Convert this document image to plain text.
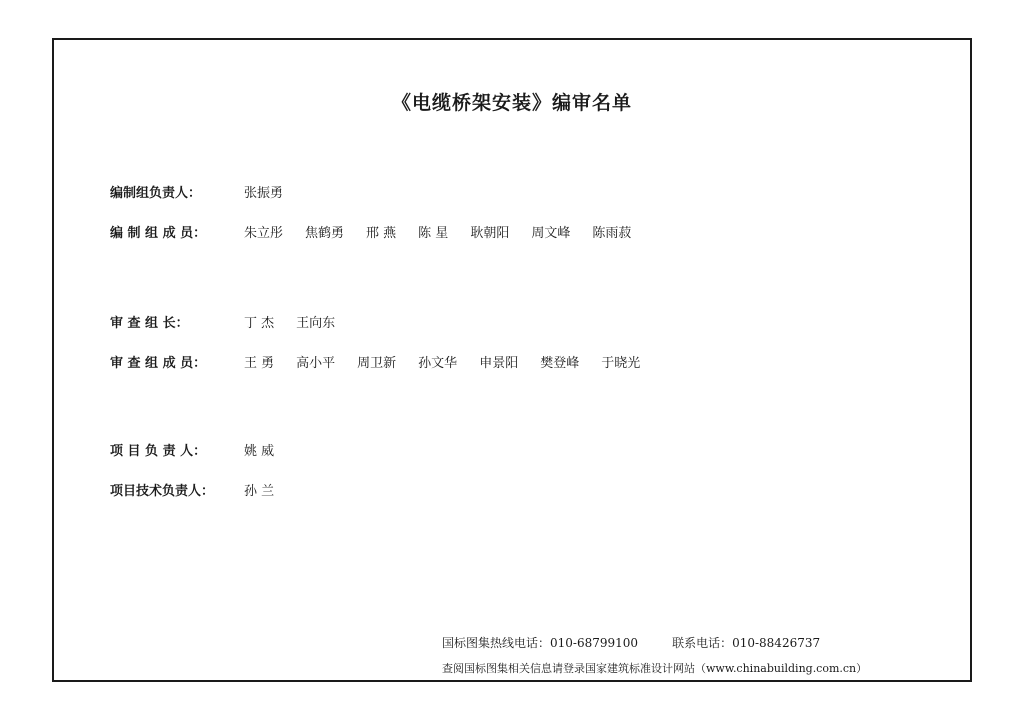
《电缆桥架安装》编审名单
编制组负责人：	张振勇
编 制 组 成 员：	朱立彤 焦鹤勇 邢 燕 陈 星 耿朝阳 周文峰 陈雨菽
审 查 组 长：	丁 杰 王向东
审 查 组 成 员：	王 勇 高小平 周卫新 孙文华 申景阳 樊登峰 于晓光
项 目 负 责 人：	姚 威
项目技术负责人：	孙 兰
国标图集热线电话：010-68799100	联系电话：010-88426737
查阅国标图集相关信息请登录国家建筑标准设计网站（www.chinabuilding.com.cn）
